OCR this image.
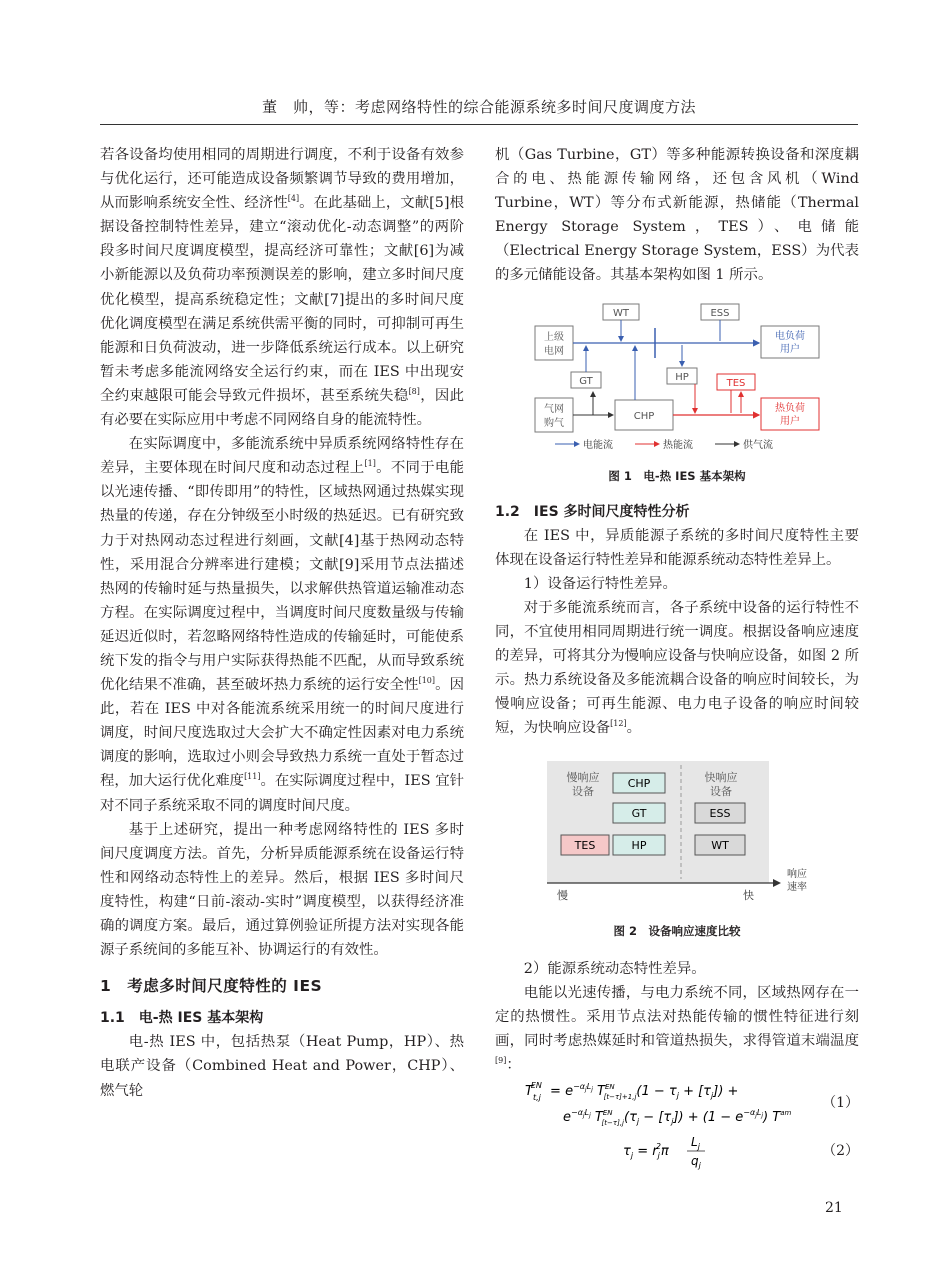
董　帅，等：考虑网络特性的综合能源系统多时间尺度调度方法

若各设备均使用相同的周期进行调度，不利于设备有效参与优化运行，还可能造成设备频繁调节导致的费用增加，从而影响系统安全性、经济性[4]。在此基础上，文献[5]根据设备控制特性差异，建立“滚动优化-动态调整”的两阶段多时间尺度调度模型，提高经济可靠性；文献[6]为减小新能源以及负荷功率预测误差的影响，建立多时间尺度优化模型，提高系统稳定性；文献[7]提出的多时间尺度优化调度模型在满足系统供需平衡的同时，可抑制可再生能源和日负荷波动，进一步降低系统运行成本。以上研究暂未考虑多能流网络安全运行约束，而在 IES 中出现安全约束越限可能会导致元件损坏，甚至系统失稳[8]，因此有必要在实际应用中考虑不同网络自身的能流特性。

在实际调度中，多能流系统中异质系统网络特性存在差异，主要体现在时间尺度和动态过程上[1]。不同于电能以光速传播、“即传即用”的特性，区域热网通过热媒实现热量的传递，存在分钟级至小时级的热延迟。已有研究致力于对热网动态过程进行刻画，文献[4]基于热网动态特性，采用混合分辨率进行建模；文献[9]采用节点法描述热网的传输时延与热量损失，以求解供热管道运输准动态方程。在实际调度过程中，当调度时间尺度数量级与传输延迟近似时，若忽略网络特性造成的传输延时，可能使系统下发的指令与用户实际获得热能不匹配，从而导致系统优化结果不准确，甚至破坏热力系统的运行安全性[10]。因此，若在 IES 中对各能流系统采用统一的时间尺度进行调度，时间尺度选取过大会扩大不确定性因素对电力系统调度的影响，选取过小则会导致热力系统一直处于暂态过程，加大运行优化难度[11]。在实际调度过程中，IES 宜针对不同子系统采取不同的调度时间尺度。

基于上述研究，提出一种考虑网络特性的 IES 多时间尺度调度方法。首先，分析异质能源系统在设备运行特性和网络动态特性上的差异。然后，根据 IES 多时间尺度特性，构建“日前-滚动-实时”调度模型，以获得经济准确的调度方案。最后，通过算例验证所提方法对实现各能源子系统间的多能互补、协调运行的有效性。

1　考虑多时间尺度特性的 IES
1.1　电-热 IES 基本架构

电-热 IES 中，包括热泵（Heat Pump，HP）、热电联产设备（Combined Heat and Power，CHP）、燃气轮

机（Gas Turbine，GT）等多种能源转换设备和深度耦合的电、热能源传输网络，还包含风机（Wind Turbine，WT）等分布式新能源，热储能（Thermal Energy Storage System，TES）、电储能（Electrical Energy Storage System，ESS）为代表的多元储能设备。其基本架构如图 1 所示。

上级
电网
WT	ESS
电负荷
用户
GT	HP
TES
气网
购气
CHP
热负荷
用户
电能流	热能流	供气流
图 1　电-热 IES 基本架构
1.2　IES 多时间尺度特性分析

在 IES 中，异质能源子系统的多时间尺度特性主要体现在设备运行特性差异和能源系统动态特性差异上。

1）设备运行特性差异。

对于多能流系统而言，各子系统中设备的运行特性不同，不宜使用相同周期进行统一调度。根据设备响应速度的差异，可将其分为慢响应设备与快响应设备，如图 2 所示。热力系统设备及多能流耦合设备的响应时间较长，为慢响应设备；可再生能源、电力电子设备的响应时间较短，为快响应设备[12]。

慢响应
设备
快响应
设备
CHP
GT
TES	HP
ESS
WT
慢	快
响应
速率
图 2　设备响应速度比较

2）能源系统动态特性差异。

电能以光速传播，与电力系统不同，区域热网存在一定的热惯性。采用节点法对热能传输的惯性特征进行刻画，同时考虑热媒延时和管道热损失，求得管道末端温度[9]：

$T_{t,j}EN = e^{-\alpha}jLj$ $T^{EN}$ $[t-\tau]+1,j(1 - \tau_j + [\tau_j])$ +
$e^{-\alpha}jLj$ $T^{EN}$ $[t-\tau],j(\tau_j - [\tau_j]) + (1 - e^{-\alpha}jLj)$ $T^{am}$
（1）
$\tau_j = r_j2\pi$
$L_j$
$q_j$
（2）
21
